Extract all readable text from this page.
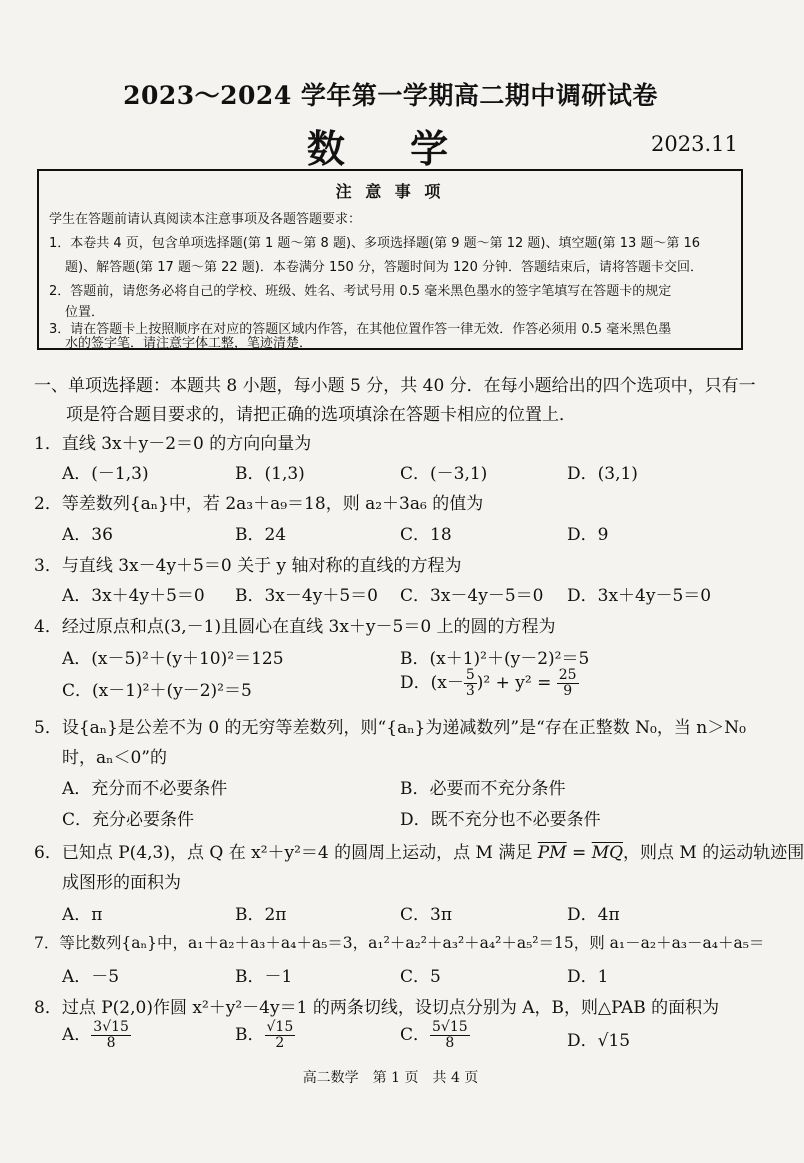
2023～2024 学年第一学期高二期中调研试卷
数 学	2023.11
注 意 事 项
学生在答题前请认真阅读本注意事项及各题答题要求：
1．本卷共 4 页，包含单项选择题(第 1 题～第 8 题)、多项选择题(第 9 题～第 12 题)、填空题(第 13 题～第 16
题)、解答题(第 17 题～第 22 题)．本卷满分 150 分，答题时间为 120 分钟．答题结束后，请将答题卡交回．
2．答题前，请您务必将自己的学校、班级、姓名、考试号用 0.5 毫米黑色墨水的签字笔填写在答题卡的规定
位置．
3．请在答题卡上按照顺序在对应的答题区域内作答，在其他位置作答一律无效．作答必须用 0.5 毫米黑色墨
水的签字笔．请注意字体工整，笔迹清楚．
一、单项选择题：本题共 8 小题，每小题 5 分，共 40 分．在每小题给出的四个选项中，只有一
项是符合题目要求的，请把正确的选项填涂在答题卡相应的位置上．
1．直线 3x＋y－2＝0 的方向向量为
A．(－1,3)	B．(1,3)	C．(－3,1)	D．(3,1)
2．等差数列{aₙ}中，若 2a₃＋a₉＝18，则 a₂＋3a₆ 的值为
A．36	B．24	C．18	D．9
3．与直线 3x－4y＋5＝0 关于 y 轴对称的直线的方程为
A．3x＋4y＋5＝0 B．3x－4y＋5＝0 C．3x－4y－5＝0 D．3x＋4y－5＝0
4．经过原点和点(3,－1)且圆心在直线 3x＋y－5＝0 上的圆的方程为
A．(x－5)²＋(y＋10)²＝125	B．(x＋1)²＋(y－2)²＝5
C．(x－1)²＋(y－2)²＝5	D．$(x- \frac{5}{3} )^2 + y^2 = \frac{25}{9}$
5．设{aₙ}是公差不为 0 的无穷等差数列，则“{aₙ}为递减数列”是“存在正整数 N₀，当 n＞N₀
时，aₙ＜0”的
A．充分而不必要条件	B．必要而不充分条件
C．充分必要条件	D．既不充分也不必要条件
6．已知点 P(4,3)，点 Q 在 x²＋y²＝4 的圆周上运动，点 M 满足 $\overline{PM} = \overline{MQ}$，则点 M 的运动轨迹围
成图形的面积为
A．π	B．2π	C．3π	D．4π
7．等比数列{aₙ}中，a₁＋a₂＋a₃＋a₄＋a₅＝3，a₁²＋a₂²＋a₃²＋a₄²＋a₅²＝15，则 a₁－a₂＋a₃－a₄＋a₅＝
A．－5	B．－1	C．5	D．1
8．过点 P(2,0)作圆 x²＋y²－4y＝1 的两条切线，设切点分别为 A，B，则△PAB 的面积为
A． $\frac{3√15}{8}$	B． $\frac{√15}{2}$	C． $\frac{5√15}{8}$	D．√15
高二数学　第 1 页　共 4 页
